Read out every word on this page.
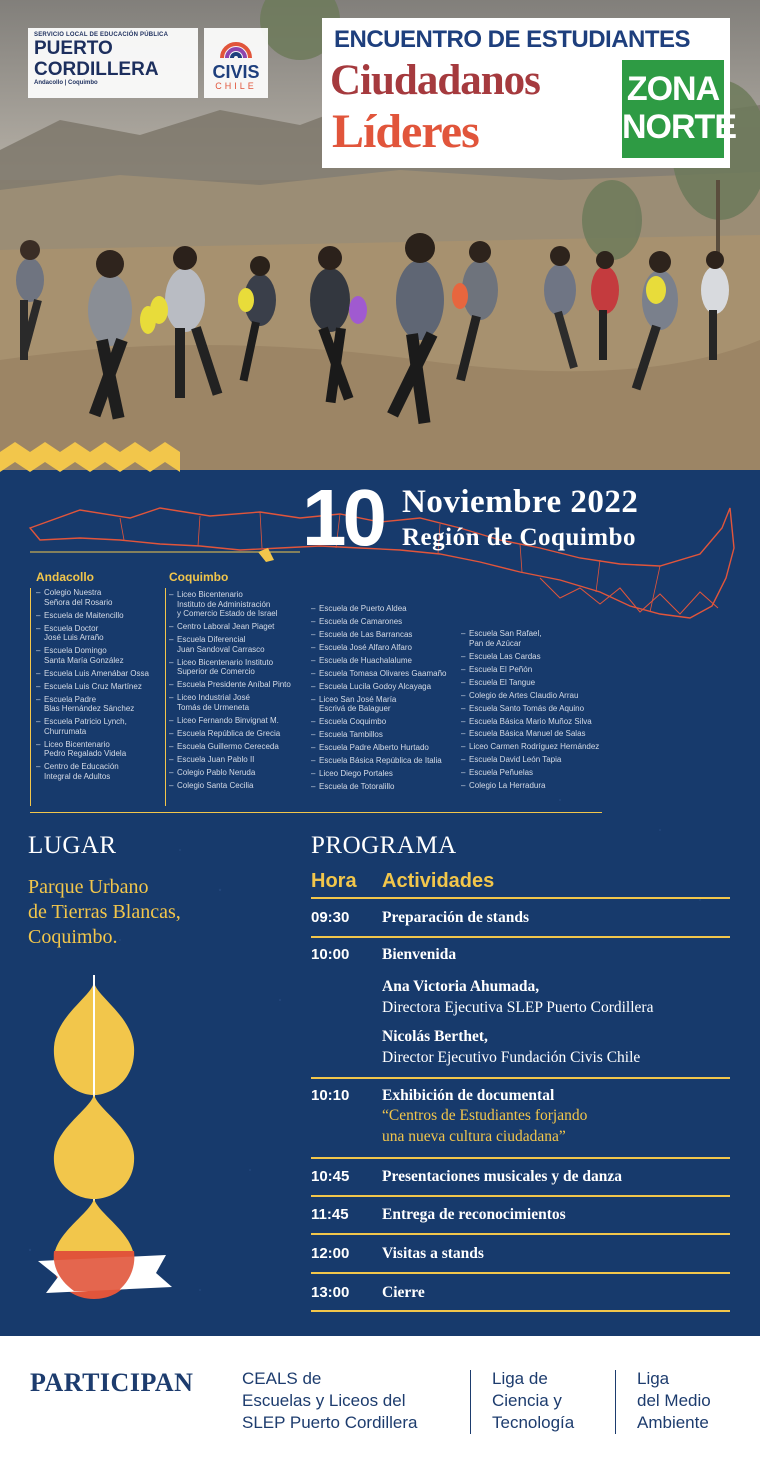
SERVICIO LOCAL DE EDUCACIÓN PÚBLICA
PUERTO
CORDILLERA
Andacollo | Coquimbo
CIVIS
CHILE
ENCUENTRO DE ESTUDIANTES
Ciudadanos
Líderes
ZONA
NORTE
10 Noviembre 2022
Región de Coquimbo
Andacollo
– Colegio Nuestra
Señora del Rosario
– Escuela de Maitencillo
– Escuela Doctor
José Luis Arraño
– Escuela Domingo
Santa María González
– Escuela Luis Amenábar Ossa
– Escuela Luis Cruz Martínez
– Escuela Padre
Blas Hernández Sánchez
– Escuela Patricio Lynch,
Churrumata
– Liceo Bicentenario
Pedro Regalado Videla
– Centro de Educación
Integral de Adultos
Coquimbo
– Liceo Bicentenario
Instituto de Administración
y Comercio Estado de Israel
– Centro Laboral Jean Piaget
– Escuela Diferencial
Juan Sandoval Carrasco
– Liceo Bicentenario Instituto
Superior de Comercio
– Escuela Presidente Aníbal Pinto
– Liceo Industrial José
Tomás de Urmeneta
– Liceo Fernando Binvignat M.
– Escuela República de Grecia
– Escuela Guillermo Cereceda
– Escuela Juan Pablo II
– Colegio Pablo Neruda
– Colegio Santa Cecilia
– Escuela de Puerto Aldea
– Escuela de Camarones
– Escuela de Las Barrancas
– Escuela José Alfaro Alfaro
– Escuela de Huachalalume
– Escuela Tomasa Olivares Gaamaño
– Escuela Lucila Godoy Alcayaga
– Liceo San José María
Escrivá de Balaguer
– Escuela Coquimbo
– Escuela Tambillos
– Escuela Padre Alberto Hurtado
– Escuela Básica República de Italia
– Liceo Diego Portales
– Escuela de Totoralillo
– Escuela San Rafael,
Pan de Azúcar
– Escuela Las Cardas
– Escuela El Peñón
– Escuela El Tangue
– Colegio de Artes Claudio Arrau
– Escuela Santo Tomás de Aquino
– Escuela Básica Mario Muñoz Silva
– Escuela Básica Manuel de Salas
– Liceo Carmen Rodríguez Hernández
– Escuela David León Tapia
– Escuela Peñuelas
– Colegio La Herradura
LUGAR
Parque Urbano
de Tierras Blancas,
Coquimbo.
PROGRAMA
Hora Actividades
09:30 Preparación de stands
10:00 Bienvenida
Ana Victoria Ahumada,
Directora Ejecutiva SLEP Puerto Cordillera
Nicolás Berthet,
Director Ejecutivo Fundación Civis Chile
10:10 Exhibición de documental
“Centros de Estudiantes forjando
una nueva cultura ciudadana”
10:45 Presentaciones musicales y de danza
11:45 Entrega de reconocimientos
12:00 Visitas a stands
13:00 Cierre
PARTICIPAN	CEALS de
Escuelas y Liceos del
SLEP Puerto Cordillera
Liga de
Ciencia y
Tecnología
Liga
del Medio
Ambiente
